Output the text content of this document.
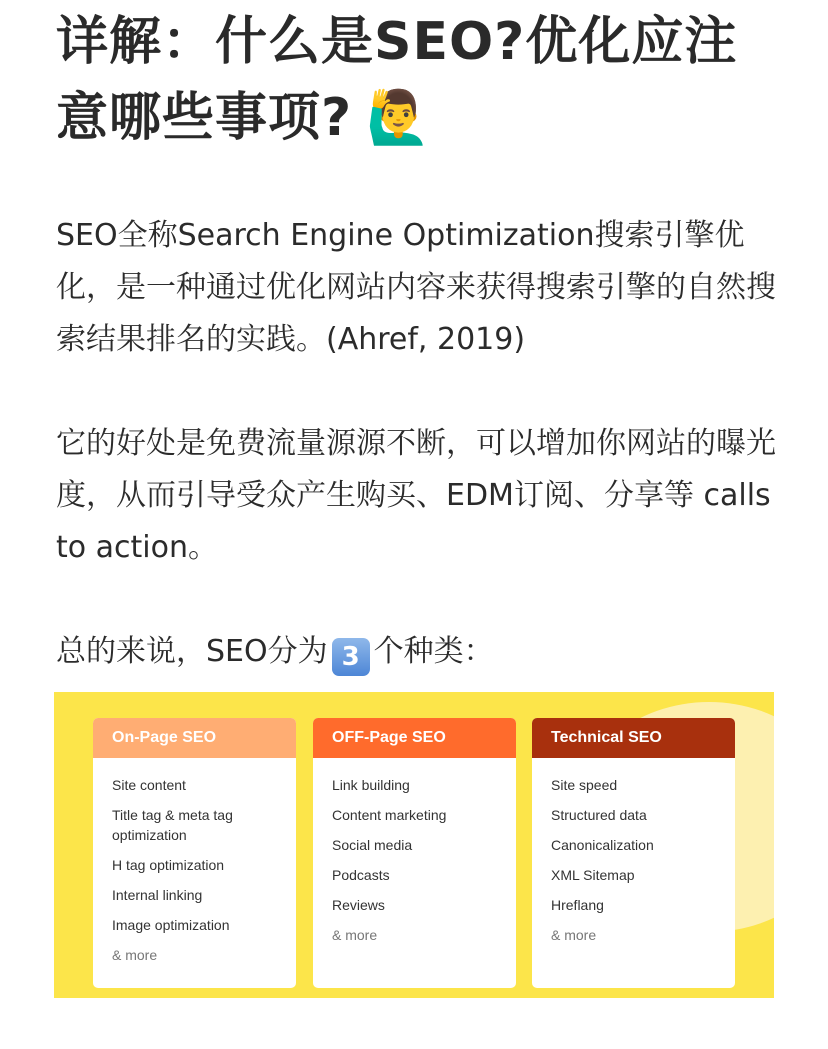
详解：什么是SEO?优化应注意哪些事项? 🙋‍♂️

SEO全称Search Engine Optimization搜索引擎优化，是一种通过优化网站内容来获得搜索引擎的自然搜索结果排名的实践。(Ahref, 2019)

它的好处是免费流量源源不断，可以增加你网站的曝光度，从而引导受众产生购买、EDM订阅、分享等 calls to action。

总的来说，SEO分为 3 个种类：

On-Page SEO
Site content
Title tag & meta tag
optimization
H tag optimization
Internal linking
Image optimization
& more
OFF-Page SEO
Link building
Content marketing

Social media
Podcasts
Reviews
& more
Technical SEO
Site speed
Structured data

Canonicalization
XML Sitemap
Hreflang
& more
